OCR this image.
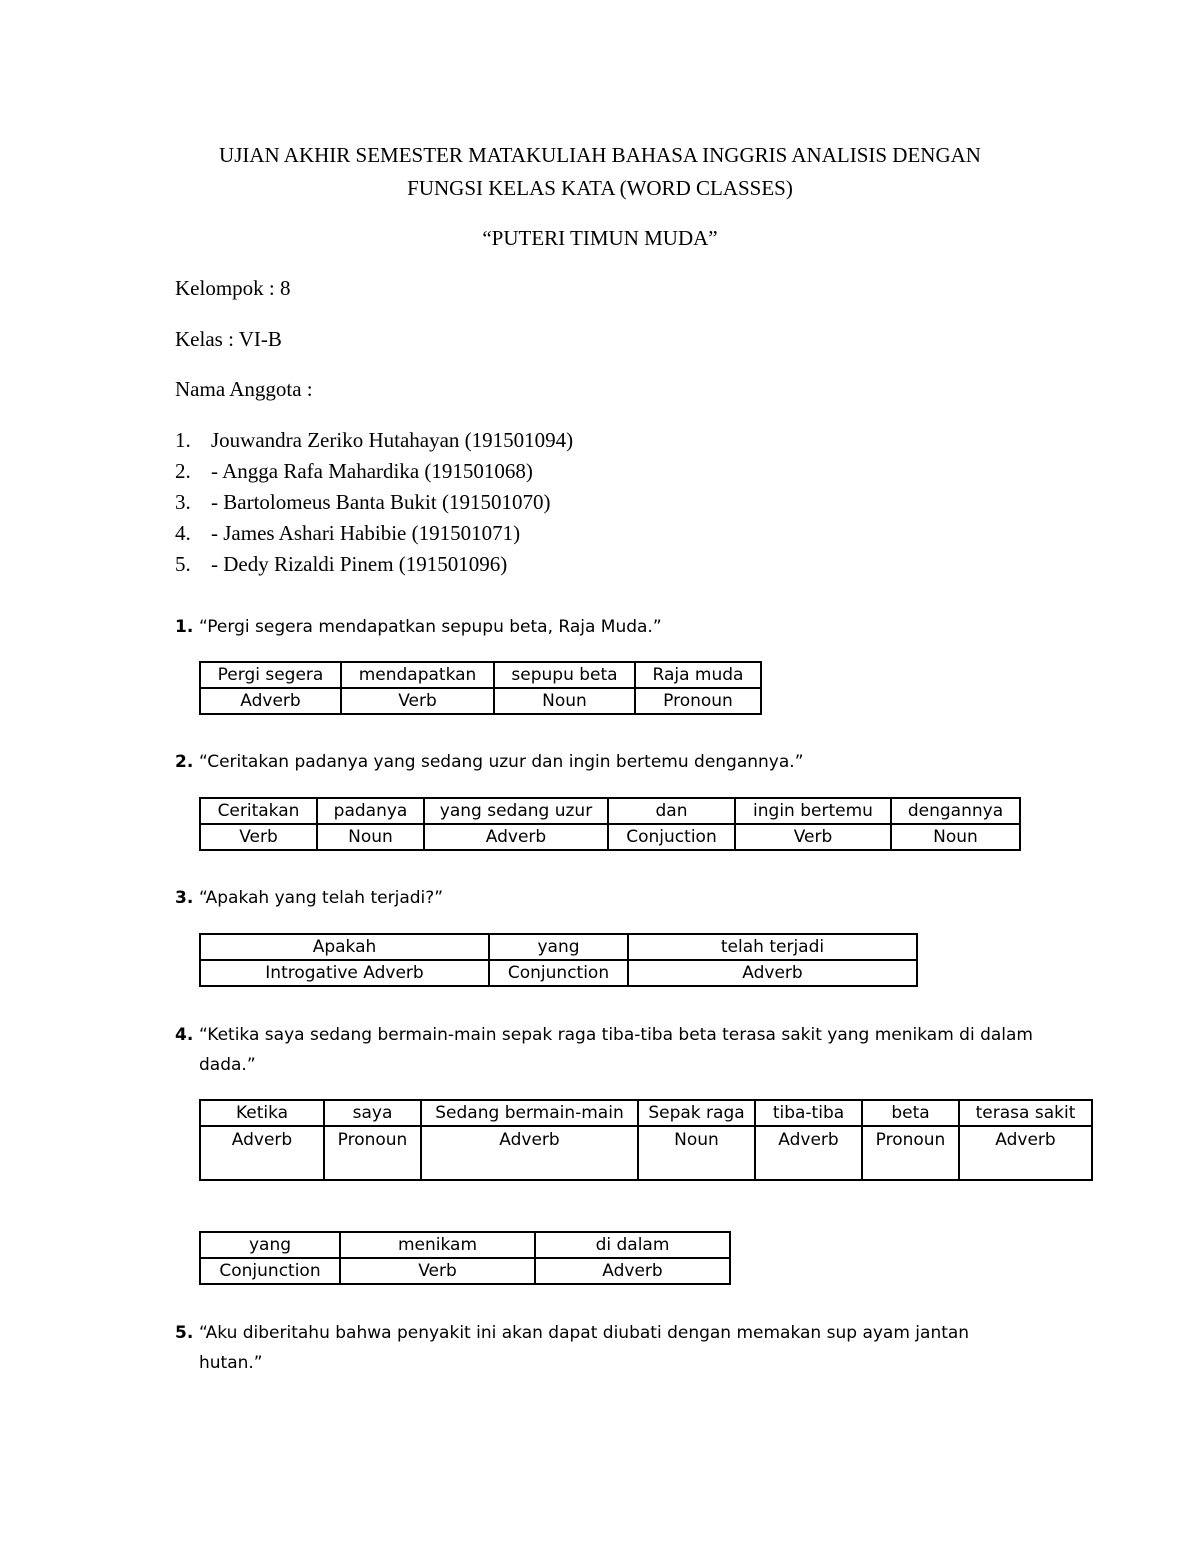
UJIAN AKHIR SEMESTER MATAKULIAH BAHASA INGGRIS ANALISIS DENGAN
FUNGSI KELAS KATA (WORD CLASSES)
“PUTERI TIMUN MUDA”
Kelompok : 8
Kelas : VI-B
Nama Anggota :
1. Jouwandra Zeriko Hutahayan (191501094)
2. - Angga Rafa Mahardika (191501068)
3. - Bartolomeus Banta Bukit (191501070)
4. - James Ashari Habibie (191501071)
5. - Dedy Rizaldi Pinem (191501096)
1. “Pergi segera mendapatkan sepupu beta, Raja Muda.”
Pergi segera	mendapatkan	sepupu beta	Raja muda
Adverb	Verb	Noun	Pronoun
2. “Ceritakan padanya yang sedang uzur dan ingin bertemu dengannya.”
Ceritakan	padanya	yang sedang uzur	dan	ingin bertemu	dengannya
Verb	Noun	Adverb	Conjuction	Verb	Noun
3. “Apakah yang telah terjadi?”
Apakah	yang	telah terjadi
Introgative Adverb	Conjunction	Adverb
4. “Ketika saya sedang bermain-main sepak raga tiba-tiba beta terasa sakit yang menikam di dalam
dada.”
Ketika	saya	Sedang bermain-main	Sepak raga	tiba-tiba	beta	terasa sakit
Adverb	Pronoun	Adverb	Noun	Adverb	Pronoun	Adverb
yang	menikam	di dalam
Conjunction	Verb	Adverb
5. “Aku diberitahu bahwa penyakit ini akan dapat diubati dengan memakan sup ayam jantan
hutan.”
